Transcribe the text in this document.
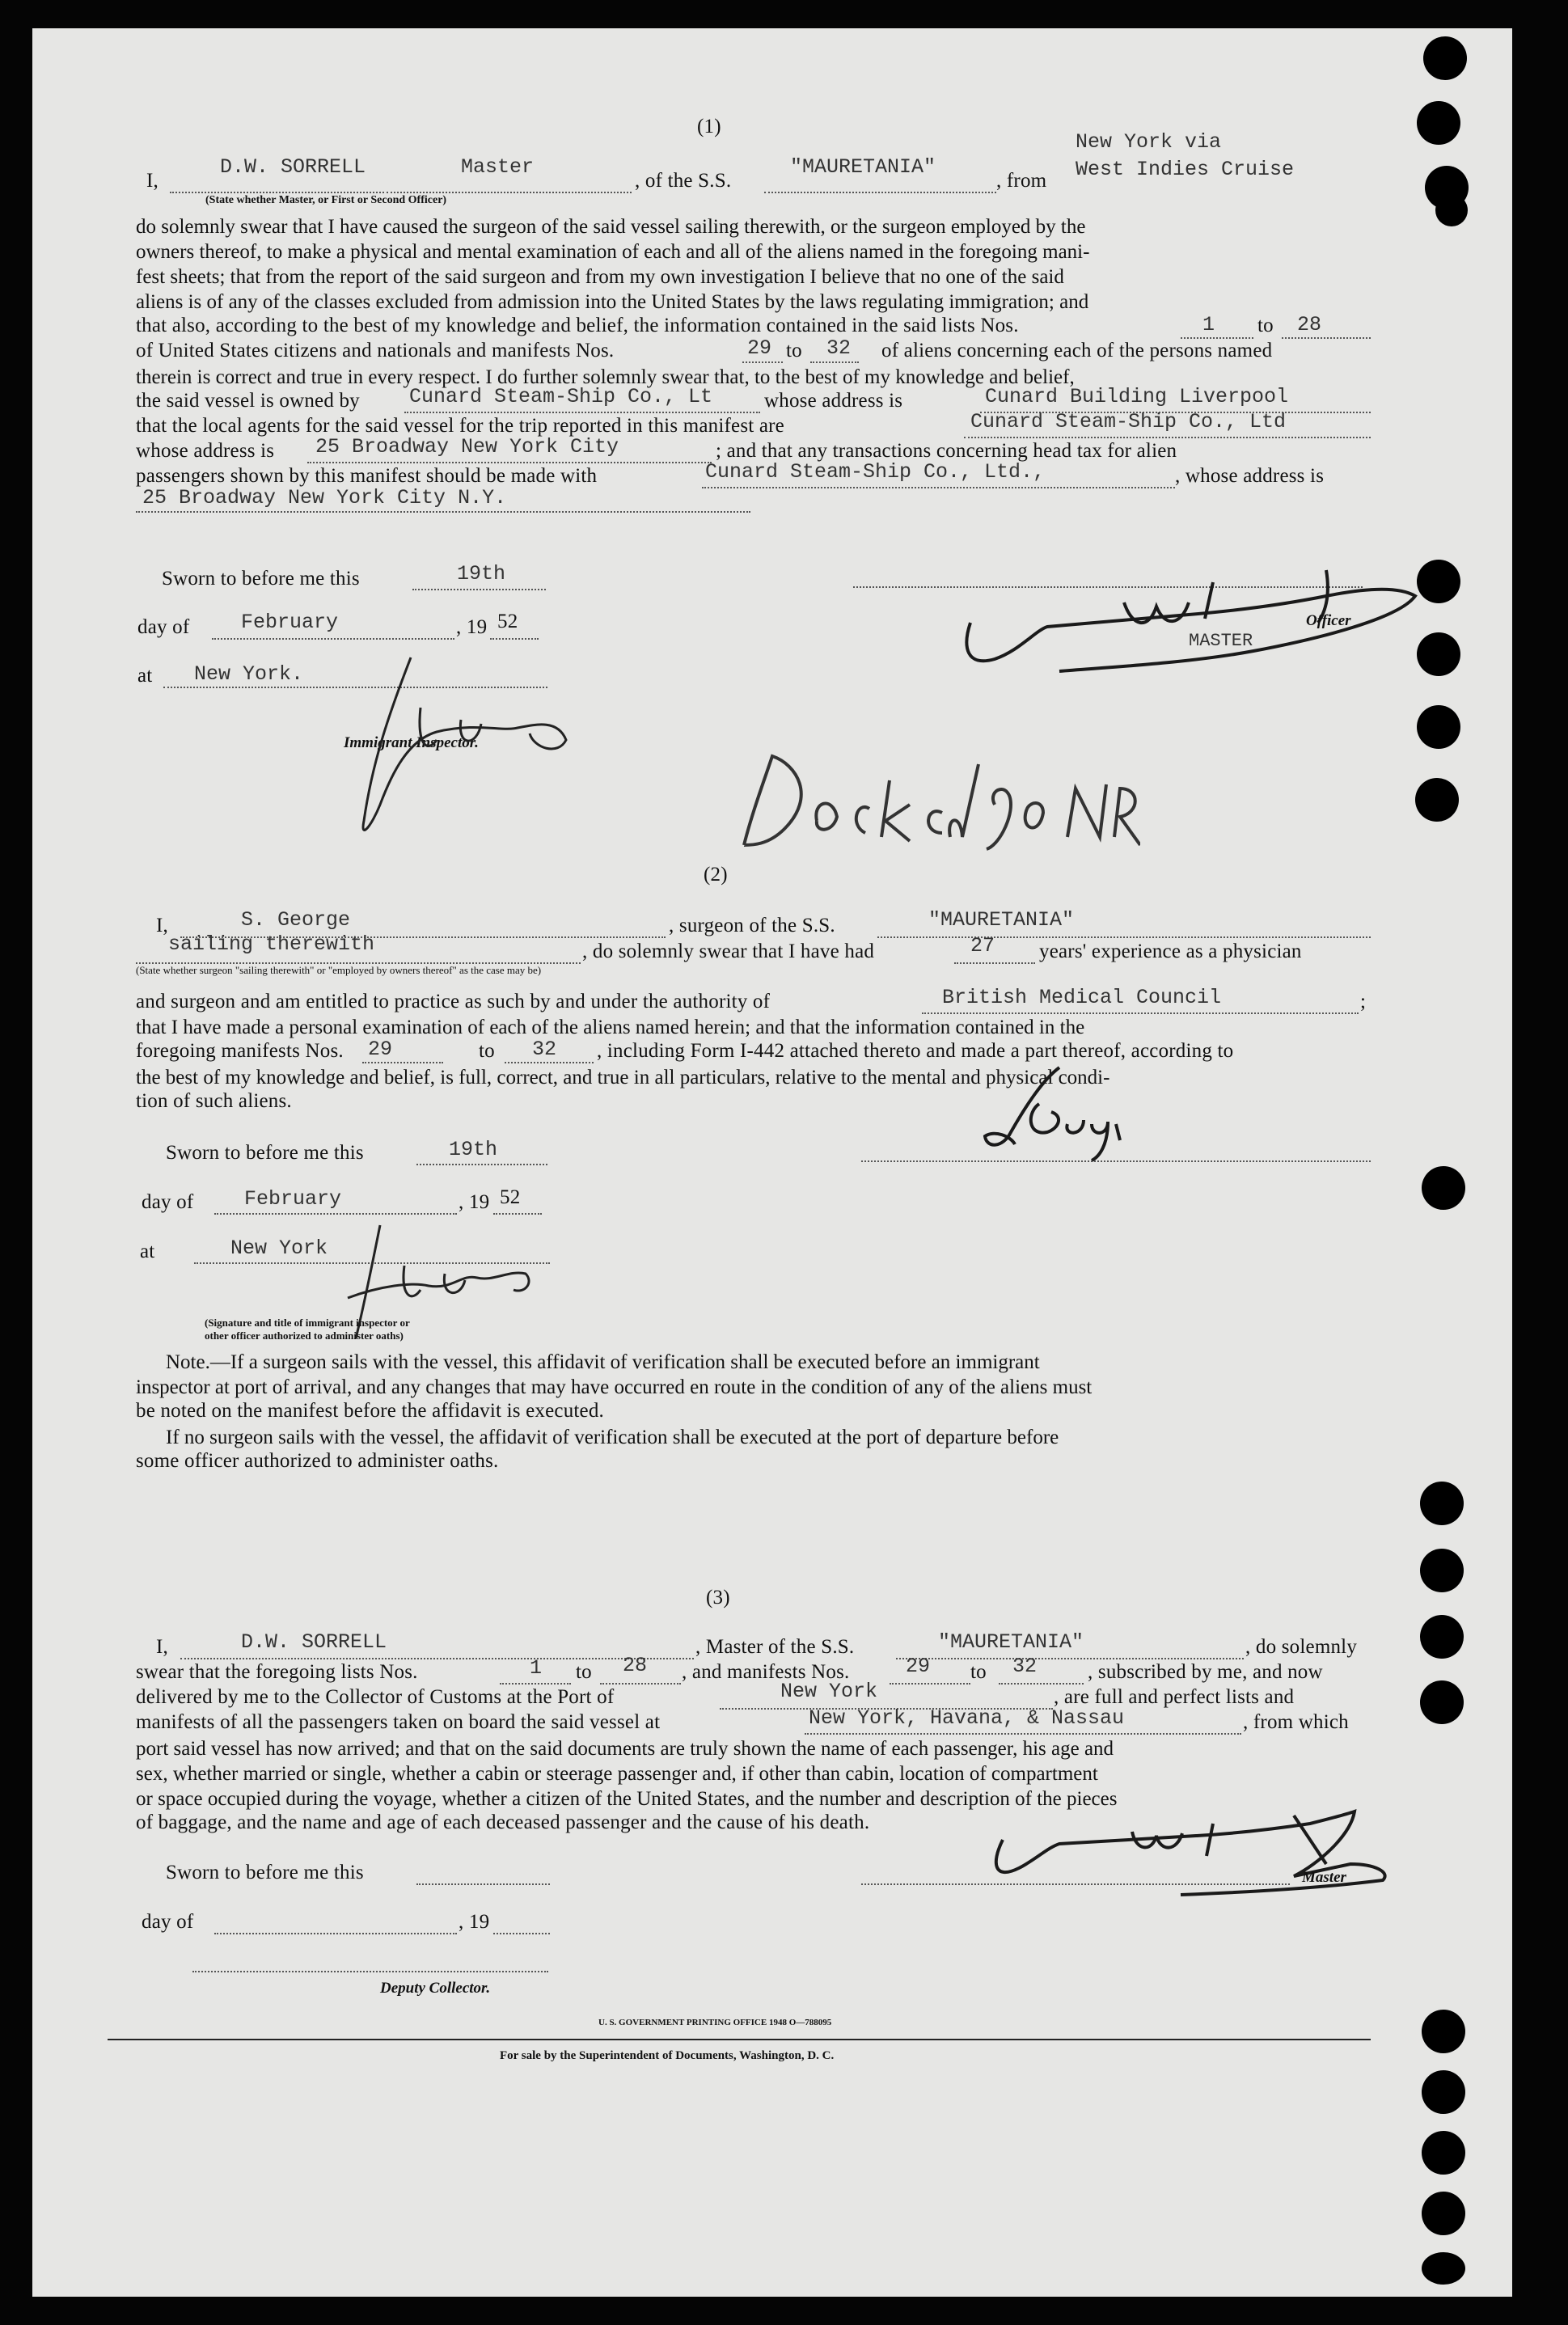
(1)
I,
D.W. SORRELL	Master
(State whether Master, or First or Second Officer)
, of the S.S.
"MAURETANIA"
, from
New York via
West Indies Cruise
do solemnly swear that I have caused the surgeon of the said vessel sailing therewith, or the surgeon employed by the
owners thereof, to make a physical and mental examination of each and all of the aliens named in the foregoing mani-
fest sheets; that from the report of the said surgeon and from my own investigation I believe that no one of the said
aliens is of any of the classes excluded from admission into the United States by the laws regulating immigration; and
that also, according to the best of my knowledge and belief, the information contained in the said lists Nos.	1 to 28
of United States citizens and nationals and manifests Nos.	29 to 32 of aliens concerning each of the persons named
therein is correct and true in every respect. I do further solemnly swear that, to the best of my knowledge and belief,
the said vessel is owned by Cunard Steam-Ship Co., Lt	whose address is	Cunard Building Liverpool
that the local agents for the said vessel for the trip reported in this manifest are	Cunard Steam-Ship Co., Ltd
whose address is 25 Broadway New York City	; and that any transactions concerning head tax for alien
passengers shown by this manifest should be made with	Cunard Steam-Ship Co., Ltd.,	, whose address is
25 Broadway New York City N.Y.
Sworn to before me this	19th
day of	February	, 19 52
at New York.
Immigrant Inspector.
Officer
MASTER
(2)
I,	S. George	, surgeon of the S.S.	"MAURETANIA"
sailing therewith	, do solemnly swear that I have had	27 years' experience as a physician
(State whether surgeon "sailing therewith" or "employed by owners thereof" as the case may be)
and surgeon and am entitled to practice as such by and under the authority of	British Medical Council	;
that I have made a personal examination of each of the aliens named herein; and that the information contained in the
foregoing manifests Nos. 29	to 32 , including Form I-442 attached thereto and made a part thereof, according to
the best of my knowledge and belief, is full, correct, and true in all particulars, relative to the mental and physical condi-
tion of such aliens.
Sworn to before me this	19th
day of	February	, 19 52
at	New York
(Signature and title of immigrant inspector or
other officer authorized to administer oaths)
Note.—If a surgeon sails with the vessel, this affidavit of verification shall be executed before an immigrant
inspector at port of arrival, and any changes that may have occurred en route in the condition of any of the aliens must
be noted on the manifest before the affidavit is executed.
If no surgeon sails with the vessel, the affidavit of verification shall be executed at the port of departure before
some officer authorized to administer oaths.
(3)
I,	D.W. SORRELL	, Master of the S.S.	"MAURETANIA"	, do solemnly
swear that the foregoing lists Nos.	1 to 28 , and manifests Nos.	29 to 32	, subscribed by me, and now
delivered by me to the Collector of Customs at the Port of	New York	, are full and perfect lists and
manifests of all the passengers taken on board the said vessel at	New York, Havana, & Nassau	, from which
port said vessel has now arrived; and that on the said documents are truly shown the name of each passenger, his age and
sex, whether married or single, whether a cabin or steerage passenger and, if other than cabin, location of compartment
or space occupied during the voyage, whether a citizen of the United States, and the number and description of the pieces
of baggage, and the name and age of each deceased passenger and the cause of his death.
Sworn to before me this	Master
day of	, 19
Deputy Collector.
U. S. GOVERNMENT PRINTING OFFICE 1948 O—788095
For sale by the Superintendent of Documents, Washington, D. C.
